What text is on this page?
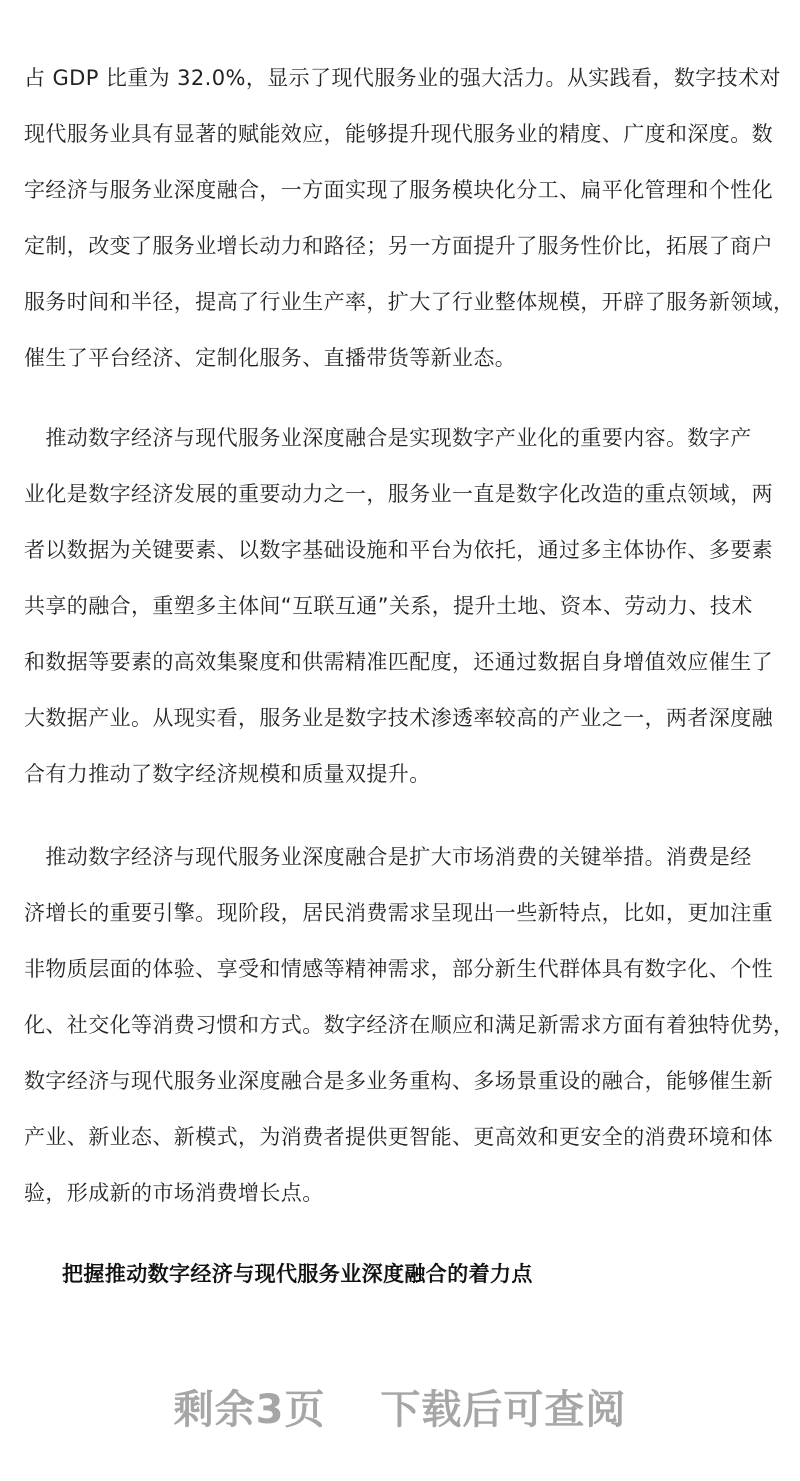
占 GDP 比重为 32.0%，显示了现代服务业的强大活力。从实践看，数字技术对
现代服务业具有显著的赋能效应，能够提升现代服务业的精度、广度和深度。数
字经济与服务业深度融合，一方面实现了服务模块化分工、扁平化管理和个性化
定制，改变了服务业增长动力和路径；另一方面提升了服务性价比，拓展了商户
服务时间和半径，提高了行业生产率，扩大了行业整体规模，开辟了服务新领域，
催生了平台经济、定制化服务、直播带货等新业态。
　推动数字经济与现代服务业深度融合是实现数字产业化的重要内容。数字产
业化是数字经济发展的重要动力之一，服务业一直是数字化改造的重点领域，两
者以数据为关键要素、以数字基础设施和平台为依托，通过多主体协作、多要素
共享的融合，重塑多主体间“互联互通”关系，提升土地、资本、劳动力、技术
和数据等要素的高效集聚度和供需精准匹配度，还通过数据自身增值效应催生了
大数据产业。从现实看，服务业是数字技术渗透率较高的产业之一，两者深度融
合有力推动了数字经济规模和质量双提升。
　推动数字经济与现代服务业深度融合是扩大市场消费的关键举措。消费是经
济增长的重要引擎。现阶段，居民消费需求呈现出一些新特点，比如，更加注重
非物质层面的体验、享受和情感等精神需求，部分新生代群体具有数字化、个性
化、社交化等消费习惯和方式。数字经济在顺应和满足新需求方面有着独特优势，
数字经济与现代服务业深度融合是多业务重构、多场景重设的融合，能够催生新
产业、新业态、新模式，为消费者提供更智能、更高效和更安全的消费环境和体
验，形成新的市场消费增长点。
把握推动数字经济与现代服务业深度融合的着力点
剩余3页 下载后可查阅
